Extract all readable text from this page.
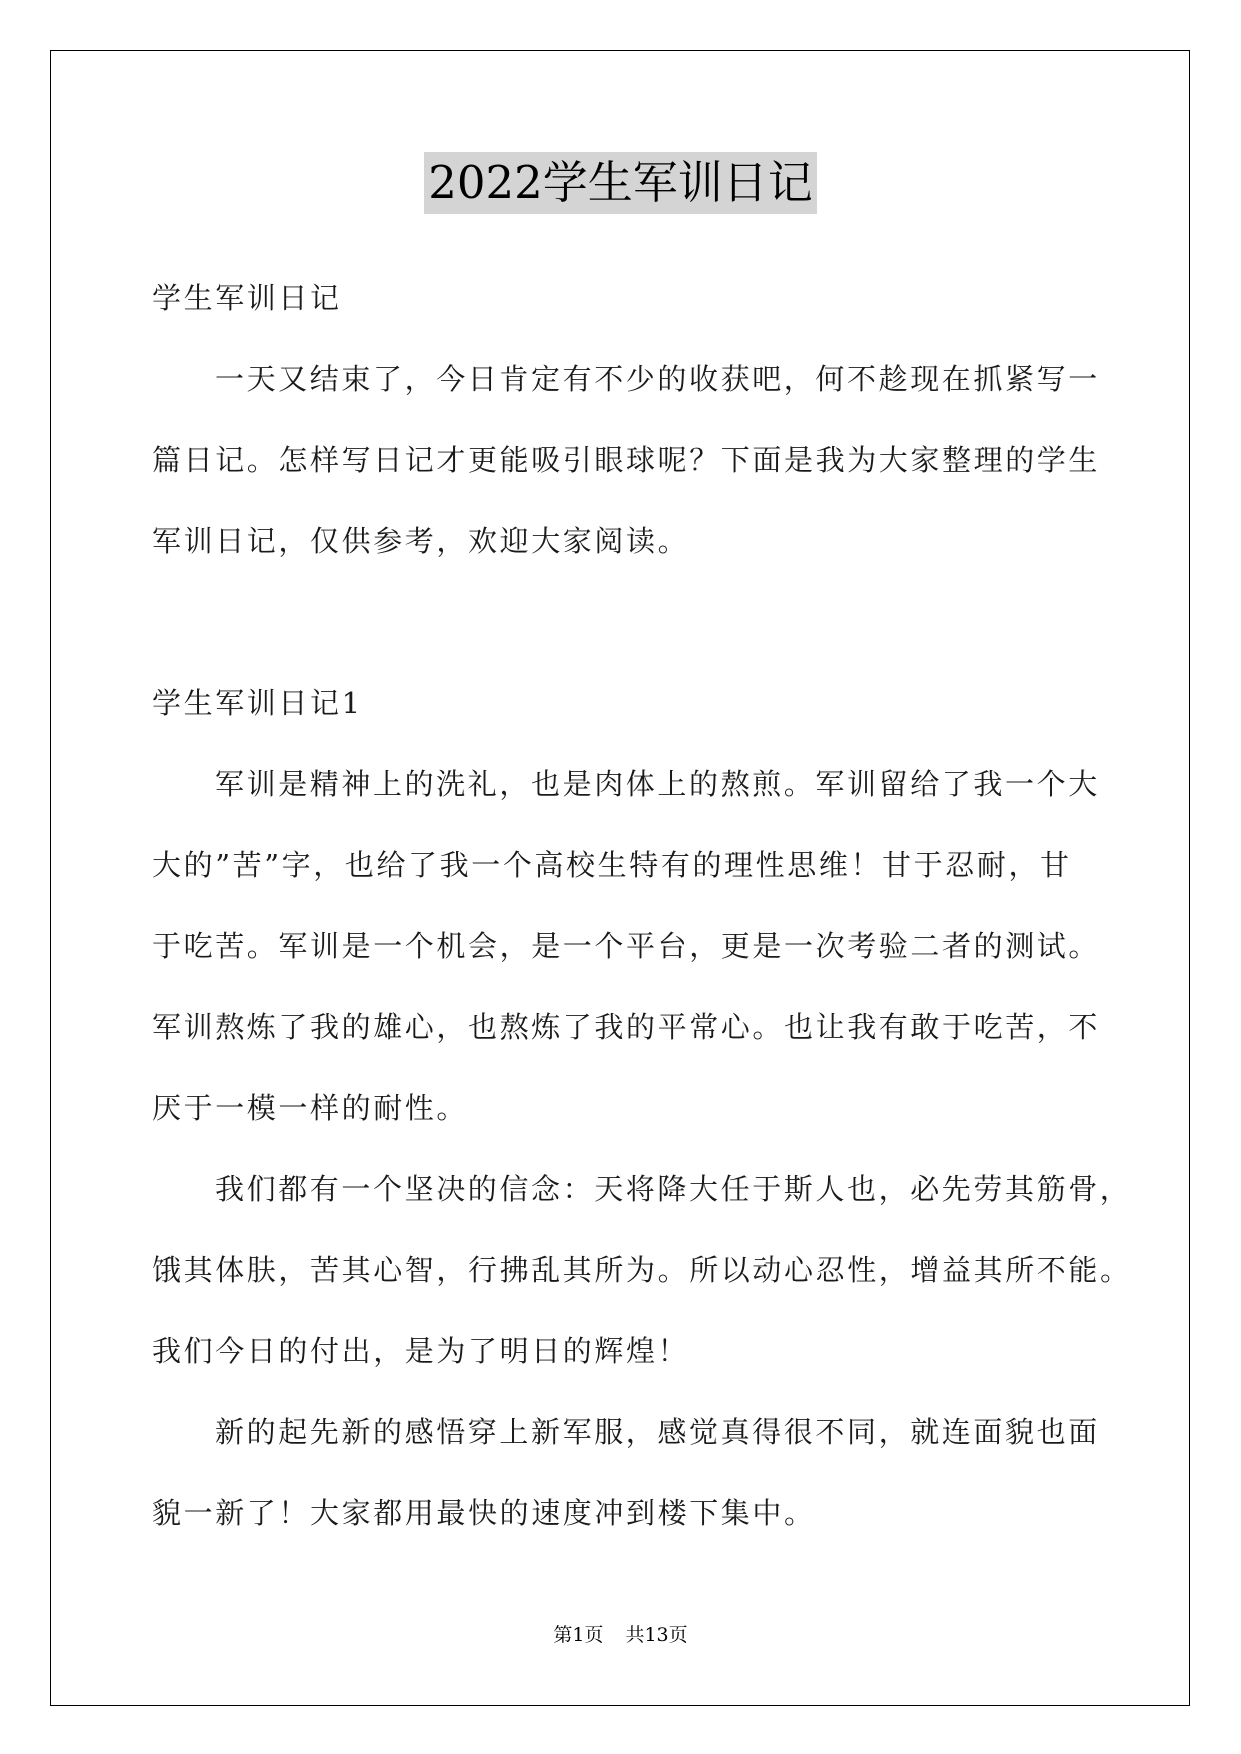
2022学生军训日记

学生军训日记

一天又结束了，今日肯定有不少的收获吧，何不趁现在抓紧写一

篇日记。怎样写日记才更能吸引眼球呢？下面是我为大家整理的学生

军训日记，仅供参考，欢迎大家阅读。

学生军训日记1

军训是精神上的洗礼，也是肉体上的熬煎。军训留给了我一个大

大的”苦”字，也给了我一个高校生特有的理性思维！甘于忍耐，甘

于吃苦。军训是一个机会，是一个平台，更是一次考验二者的测试。

军训熬炼了我的雄心，也熬炼了我的平常心。也让我有敢于吃苦，不

厌于一模一样的耐性。

我们都有一个坚决的信念：天将降大任于斯人也，必先劳其筋骨，

饿其体肤，苦其心智，行拂乱其所为。所以动心忍性，增益其所不能。

我们今日的付出，是为了明日的辉煌！

新的起先新的感悟穿上新军服，感觉真得很不同，就连面貌也面

貌一新了！大家都用最快的速度冲到楼下集中。

第1页 共13页
